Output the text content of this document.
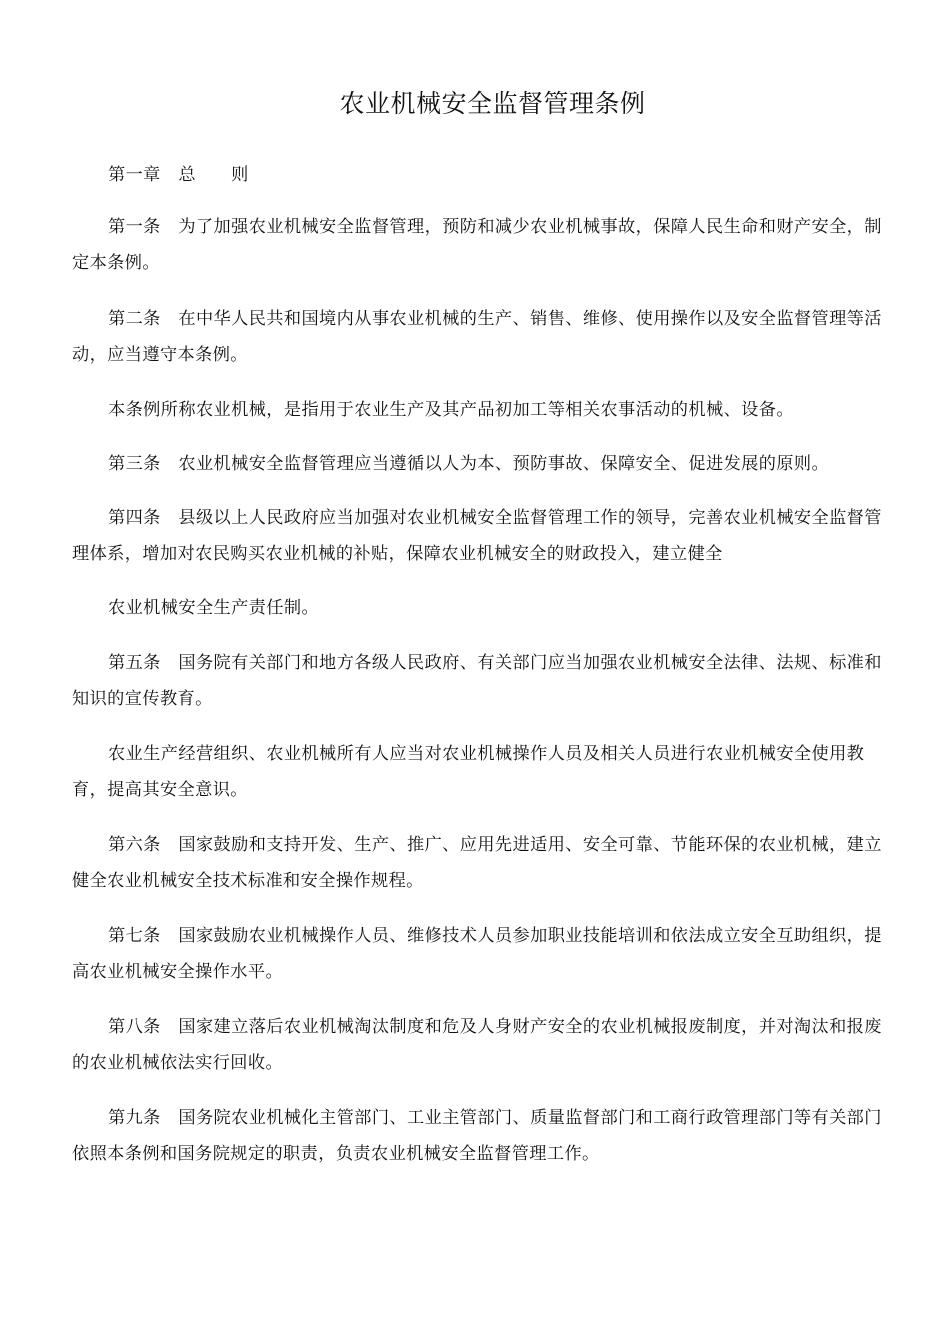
农业机械安全监督管理条例
第一章　总　　则
第一条　为了加强农业机械安全监督管理，预防和减少农业机械事故，保障人民生命和财产安全，制定本条例。
第二条　在中华人民共和国境内从事农业机械的生产、销售、维修、使用操作以及安全监督管理等活动，应当遵守本条例。
本条例所称农业机械，是指用于农业生产及其产品初加工等相关农事活动的机械、设备。
第三条　农业机械安全监督管理应当遵循以人为本、预防事故、保障安全、促进发展的原则。
第四条　县级以上人民政府应当加强对农业机械安全监督管理工作的领导，完善农业机械安全监督管理体系，增加对农民购买农业机械的补贴，保障农业机械安全的财政投入，建立健全
农业机械安全生产责任制。
第五条　国务院有关部门和地方各级人民政府、有关部门应当加强农业机械安全法律、法规、标准和知识的宣传教育。
农业生产经营组织、农业机械所有人应当对农业机械操作人员及相关人员进行农业机械安全使用教育，提高其安全意识。
第六条　国家鼓励和支持开发、生产、推广、应用先进适用、安全可靠、节能环保的农业机械，建立健全农业机械安全技术标准和安全操作规程。
第七条　国家鼓励农业机械操作人员、维修技术人员参加职业技能培训和依法成立安全互助组织，提高农业机械安全操作水平。
第八条　国家建立落后农业机械淘汰制度和危及人身财产安全的农业机械报废制度，并对淘汰和报废的农业机械依法实行回收。
第九条　国务院农业机械化主管部门、工业主管部门、质量监督部门和工商行政管理部门等有关部门依照本条例和国务院规定的职责，负责农业机械安全监督管理工作。
